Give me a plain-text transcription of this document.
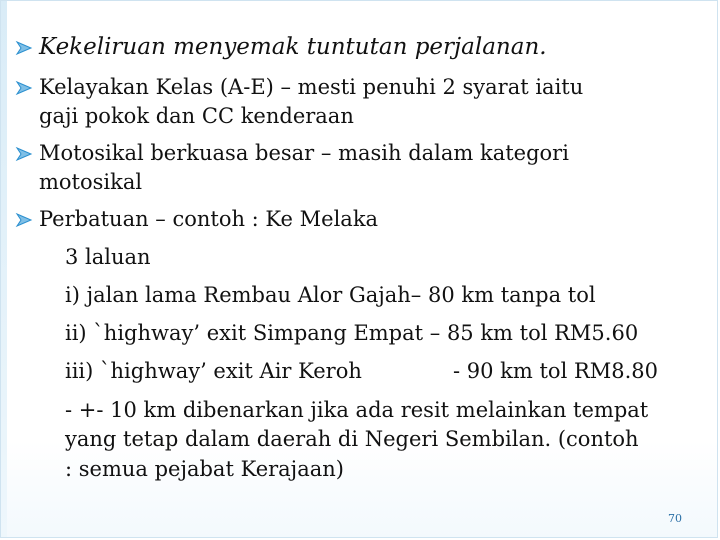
Kekeliruan menyemak tuntutan perjalanan.
Kelayakan Kelas (A-E) – mesti penuhi 2 syarat iaitu
gaji pokok dan CC kenderaan
Motosikal berkuasa besar – masih dalam kategori
motosikal
Perbatuan – contoh : Ke Melaka
3 laluan
i) jalan lama Rembau Alor Gajah– 80 km tanpa tol
ii) `highway’ exit Simpang Empat – 85 km tol RM5.60
iii) `highway’ exit Air Keroh	- 90 km tol RM8.80
- +- 10 km dibenarkan jika ada resit melainkan tempat
yang tetap dalam daerah di Negeri Sembilan. (contoh
: semua pejabat Kerajaan)
70
